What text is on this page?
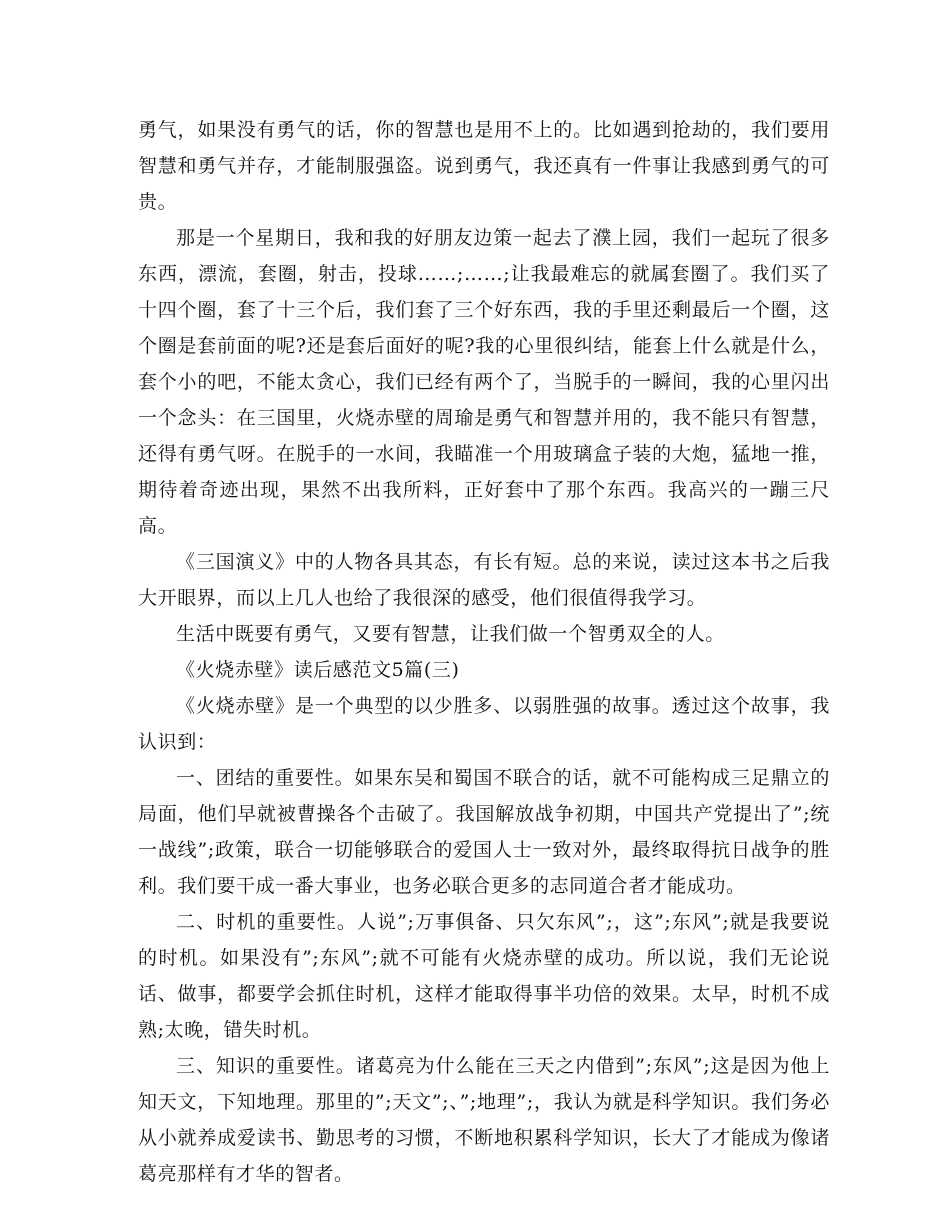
勇气，如果没有勇气的话，你的智慧也是用不上的。比如遇到抢劫的，我们要用智慧和勇气并存，才能制服强盗。说到勇气，我还真有一件事让我感到勇气的可贵。

那是一个星期日，我和我的好朋友边策一起去了濮上园，我们一起玩了很多东西，漂流，套圈，射击，投球……;……;让我最难忘的就属套圈了。我们买了十四个圈，套了十三个后，我们套了三个好东西，我的手里还剩最后一个圈，这个圈是套前面的呢?还是套后面好的呢?我的心里很纠结，能套上什么就是什么，套个小的吧，不能太贪心，我们已经有两个了，当脱手的一瞬间，我的心里闪出一个念头：在三国里，火烧赤壁的周瑜是勇气和智慧并用的，我不能只有智慧，还得有勇气呀。在脱手的一水间，我瞄准一个用玻璃盒子装的大炮，猛地一推，期待着奇迹出现，果然不出我所料，正好套中了那个东西。我高兴的一蹦三尺高。

《三国演义》中的人物各具其态，有长有短。总的来说，读过这本书之后我大开眼界，而以上几人也给了我很深的感受，他们很值得我学习。

生活中既要有勇气，又要有智慧，让我们做一个智勇双全的人。

《火烧赤壁》读后感范文5篇(三)

《火烧赤壁》是一个典型的以少胜多、以弱胜强的故事。透过这个故事，我认识到：

一、团结的重要性。如果东吴和蜀国不联合的话，就不可能构成三足鼎立的局面，他们早就被曹操各个击破了。我国解放战争初期，中国共产党提出了”;统一战线”;政策，联合一切能够联合的爱国人士一致对外，最终取得抗日战争的胜利。我们要干成一番大事业，也务必联合更多的志同道合者才能成功。

二、时机的重要性。人说”;万事俱备、只欠东风”;，这”;东风”;就是我要说的时机。如果没有”;东风”;就不可能有火烧赤壁的成功。所以说，我们无论说话、做事，都要学会抓住时机，这样才能取得事半功倍的效果。太早，时机不成熟;太晚，错失时机。

三、知识的重要性。诸葛亮为什么能在三天之内借到”;东风”;这是因为他上知天文，下知地理。那里的”;天文”;、”;地理”;，我认为就是科学知识。我们务必从小就养成爱读书、勤思考的习惯，不断地积累科学知识，长大了才能成为像诸葛亮那样有才华的智者。
